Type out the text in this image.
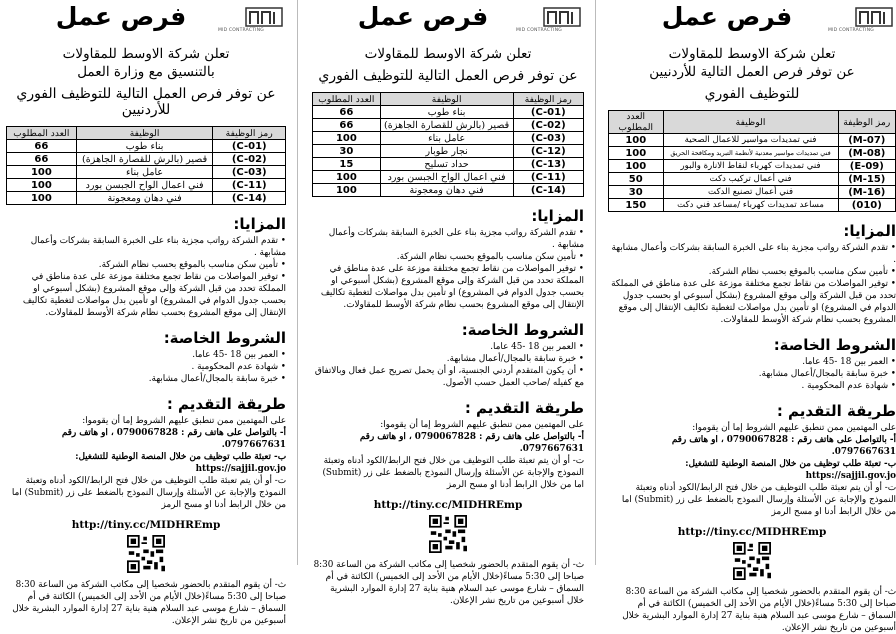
MID CONTRACTING
فرص عمل
تعلن شركة الاوسط للمقاولات
بالتنسيق مع وزارة العمل
عن توفر فرص العمل التالية للتوظيف الفوري للأردنيين
رمز الوظيفة	الوظيفة	العدد المطلوب
(C-01)	بناء طوب	66
(C-02)	قصير (بالرش للقصارة الجاهزة)	66
(C-03)	عامل بناء	100
(C-11)	فني اعمال الواح الجبسن بورد	100
(C-14)	فني دهان ومعجونة	100
المزايا:

• تقدم الشركة رواتب مجزية بناء على الخبرة السابقة بشركات وأعمال مشابهة .

• تأمين سكن مناسب بالموقع بحسب نظام الشركة.

• توفير المواصلات من نقاط تجمع مختلفة موزعة على عدة مناطق في المملكة تحدد من قبل الشركة وإلى موقع المشروع (بشكل أسبوعي او بحسب جدول الدوام في المشروع) او تأمين بدل مواصلات لتغطية تكاليف الإنتقال إلى موقع المشروع بحسب نظام شركة الأوسط للمقاولات.

الشروط الخاصة:

• العمر بين 18 -45 عاما.

• شهادة عدم المحكومية .

• خبرة سابقة بالمجال/أعمال مشابهة.

طريقة التقديم :

على المهتمين ممن تنطبق عليهم الشروط إما أن يقوموا:

أ- بالتواصل على هاتف رقم : 0790067828 ، او هاتف رقم 0797667631.

ب- تعبئة طلب توظيف من خلال المنصة الوطنية للتشغيل: https://sajjil.gov.jo

ت- أو أن يتم تعبئة طلب التوظيف من خلال فتح الرابط/الكود أدناه وتعبئة النموذج والإجابة عن الأسئلة وإرسال النموذج بالضغط على زر (Submit) اما من خلال الرابط أدنا او مسح الرمز

http://tiny.cc/MIDHREmp

ث- أن يقوم المتقدم بالحضور شخصيا إلى مكاتب الشركة من الساعة 8:30 صباحا إلى 5:30 مساءً(خلال الأيام من الأحد إلى الخميس) الكائنة في أم السماق – شارع موسى عبد السلام هنية بناية 27 إدارة الموارد البشرية خلال أسبوعين من تاريخ نشر الإعلان.

MID CONTRACTING
فرص عمل
تعلن شركة الاوسط للمقاولات
عن توفر فرص العمل التالية للتوظيف الفوري
رمز الوظيفة	الوظيفة	العدد المطلوب
(C-01)	بناء طوب	66
(C-02)	قصير (بالرش للقصارة الجاهزة)	66
(C-03)	عامل بناء	100
(C-12)	نجار طوبار	30
(C-13)	حداد تسليح	15
(C-11)	فني اعمال الواح الجبسن بورد	100
(C-14)	فني دهان ومعجونة	100
المزايا:

• تقدم الشركة رواتب مجزية بناء على الخبرة السابقة بشركات وأعمال مشابهة .

• تأمين سكن مناسب بالموقع بحسب نظام الشركة.

• توفير المواصلات من نقاط تجمع مختلفة موزعة على عدة مناطق في المملكة تحدد من قبل الشركة وإلى موقع المشروع (بشكل أسبوعي او بحسب جدول الدوام في المشروع) او تأمين بدل مواصلات لتغطية تكاليف الإنتقال إلى موقع المشروع بحسب نظام شركة الأوسط للمقاولات.

الشروط الخاصة:

• العمر بين 18 -45 عاما.

• خبرة سابقة بالمجال/أعمال مشابهة.

• أن يكون المتقدم أردني الجنسية، او أن يحمل تصريح عمل فعال وبالاتفاق مع كفيله /صاحب العمل حسب الأصول.

طريقة التقديم :

على المهتمين ممن تنطبق عليهم الشروط إما أن يقوموا:

أ- بالتواصل على هاتف رقم : 0790067828 ، او هاتف رقم 0797667631.

ت- أو أن يتم تعبئة طلب التوظيف من خلال فتح الرابط/الكود أدناه وتعبئة النموذج والإجابة عن الأسئلة وإرسال النموذج بالضغط على زر (Submit) اما من خلال الرابط أدنا او مسح الرمز

http://tiny.cc/MIDHREmp

ث- أن يقوم المتقدم بالحضور شخصيا إلى مكاتب الشركة من الساعة 8:30 صباحا إلى 5:30 مساءً(خلال الأيام من الأحد إلى الخميس) الكائنة في أم السماق – شارع موسى عبد السلام هنية بناية 27 إدارة الموارد البشرية خلال أسبوعين من تاريخ نشر الإعلان.

MID CONTRACTING
فرص عمل
تعلن شركة الاوسط للمقاولات
عن توفر فرص العمل التالية للأردنيين
للتوظيف الفوري
رمز الوظيفة	الوظيفة	العدد المطلوب
(M-07)	فني تمديدات مواسير للاعمال الصحية	100
(M-08)	فني تمديدات مواسير معدنية لأنظمة التبريد ومكافحة الحريق	100
(E-09)	فني تمديدات كهرباء لنقاط الانارة والبور	100
(M-15)	فني أعمال تركيب دكت	50
(M-16)	فني أعمال تصنيع الدكت	30
(010)	مساعد تمديدات كهرباء /مساعد فني دكت	150
المزايا:

• تقدم الشركة رواتب مجزية بناء على الخبرة السابقة بشركات وأعمال مشابهة .

• تأمين سكن مناسب بالموقع بحسب نظام الشركة.

• توفير المواصلات من نقاط تجمع مختلفة موزعة على عدة مناطق في المملكة تحدد من قبل الشركة وإلى موقع المشروع (بشكل أسبوعي او بحسب جدول الدوام في المشروع) او تأمين بدل مواصلات لتغطية تكاليف الإنتقال إلى موقع المشروع بحسب نظام شركة الأوسط للمقاولات.

الشروط الخاصة:

• العمر بين 18 -45 عاما.

• خبرة سابقة بالمجال/أعمال مشابهة.

• شهادة عدم المحكومية .

طريقة التقديم :

على المهتمين ممن تنطبق عليهم الشروط إما أن يقوموا:

أ- بالتواصل على هاتف رقم : 0790067828 ، او هاتف رقم 0797667631.

ب- تعبئة طلب توظيف من خلال المنصة الوطنية للتشغيل: https://sajjil.gov.jo

ت- أو أن يتم تعبئة طلب التوظيف من خلال فتح الرابط/الكود أدناه وتعبئة النموذج والإجابة عن الأسئلة وإرسال النموذج بالضغط على زر (Submit) اما من خلال الرابط أدنا او مسح الرمز

http://tiny.cc/MIDHREmp

ث- أن يقوم المتقدم بالحضور شخصيا إلى مكاتب الشركة من الساعة 8:30 صباحا إلى 5:30 مساءً(خلال الأيام من الأحد إلى الخميس) الكائنة في أم السماق – شارع موسى عبد السلام هنية بناية 27 إدارة الموارد البشرية خلال أسبوعين من تاريخ نشر الإعلان.
